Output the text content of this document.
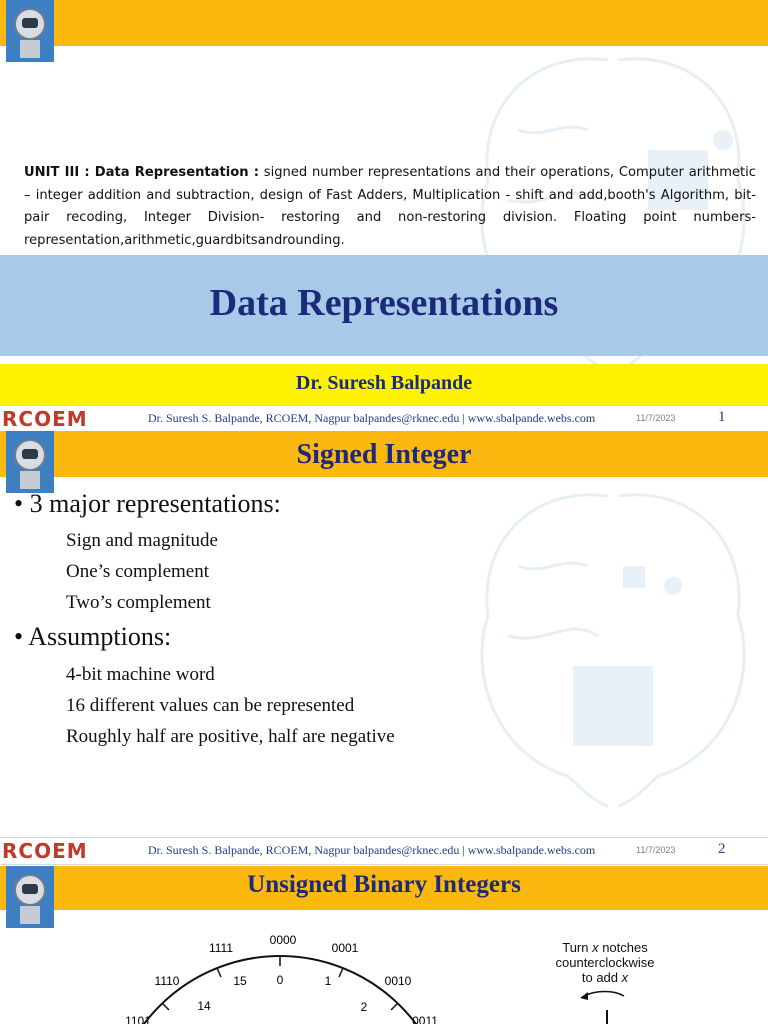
UNIT III : Data Representation : signed number representations and their operations, Computer arithmetic – integer addition and subtraction, design of Fast Adders, Multiplication - shift and add,booth's Algorithm, bit-pair recoding, Integer Division- restoring and non-restoring division. Floating point numbers-representation,arithmetic,guardbitsandrounding.
Data Representations
Dr. Suresh Balpande
RCOEM	Dr. Suresh S. Balpande, RCOEM, Nagpur balpandes@rknec.edu | www.sbalpande.webs.com	11/7/2023	1
Signed Integer
• 3 major representations:
Sign and magnitude
One’s complement
Two’s complement
• Assumptions:
4-bit machine word
16 different values can be represented
Roughly half are positive, half are negative
RCOEM	Dr. Suresh S. Balpande, RCOEM, Nagpur balpandes@rknec.edu | www.sbalpande.webs.com	11/7/2023	2
Unsigned Binary Integers
0000
0001
0010
0011
1101
1110
1111
0	1
2
14
15
Turn x notches
counterclockwise
to add x
